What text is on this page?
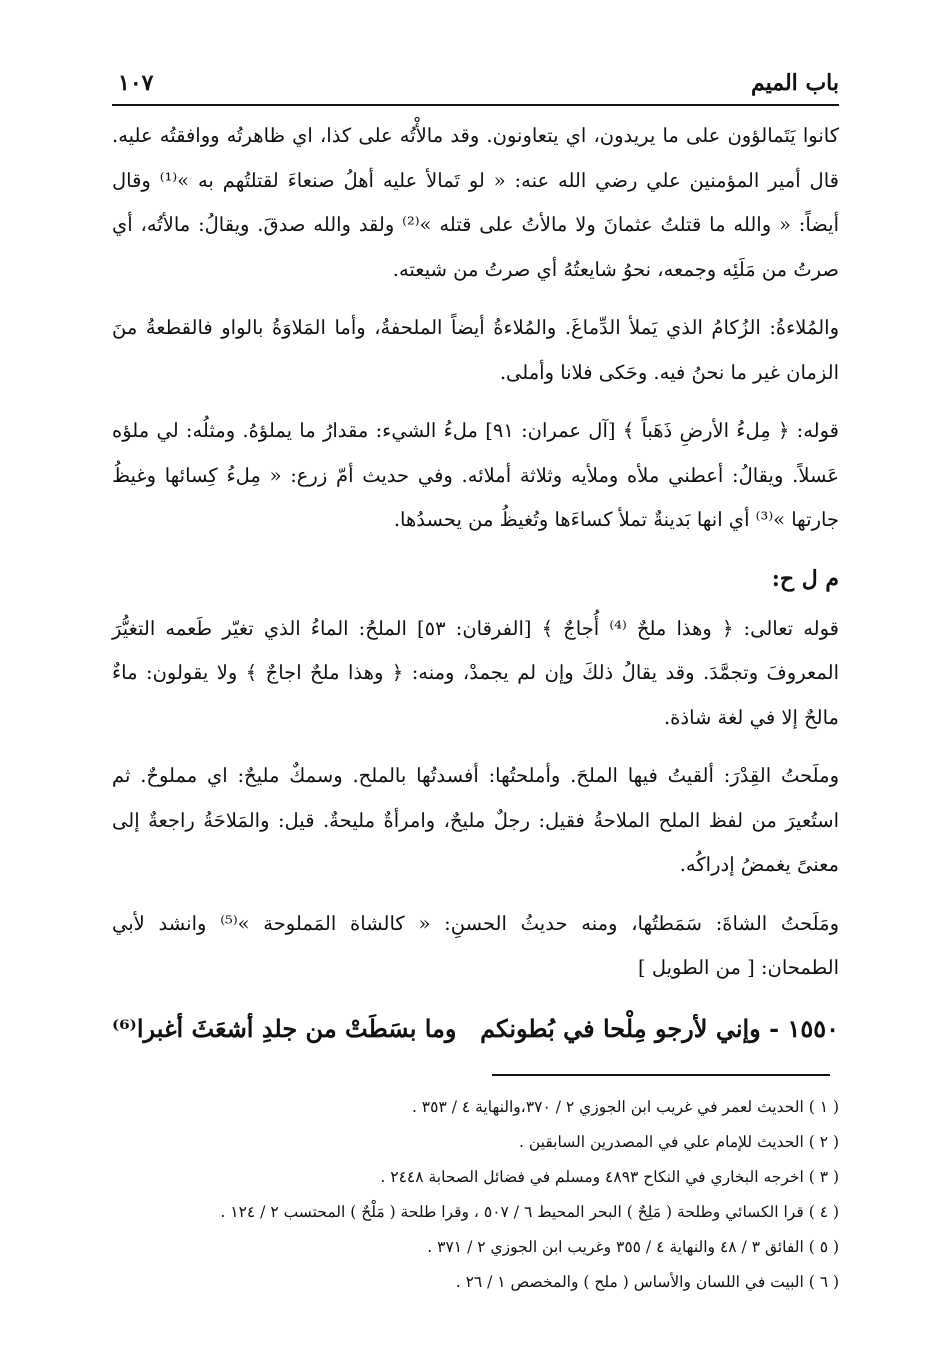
باب الميم
١٠٧

كانوا يَتَمالؤون على ما يريدون، اي يتعاونون. وقد مالأْتُه على كذا، اي ظاهرتُه ووافقتُه عليه. قال أمير المؤمنين علي رضي الله عنه: « لو تَمالأ عليه أهلُ صنعاءَ لقتلتُهم به »⁽¹⁾ وقال أيضاً: « والله ما قتلتُ عثمانَ ولا مالأتُ على قتله »⁽²⁾ ولقد والله صدقَ. ويقالُ: مالأتُه، أي صرتُ من مَلَئِه وجمعه، نحوُ شايعتُهُ أي صرتُ من شيعته.

والمُلاءةُ: الزُكامُ الذي يَملأ الدِّماغَ. والمُلاءةُ أيضاً الملحفةُ، وأما المَلاوَةُ بالواو فالقطعةُ منَ الزمان غير ما نحنُ فيه. وحَكى فلانا وأملى.

قوله: ﴿ مِلءُ الأرضِ ذَهَباً ﴾ [آل عمران: ٩١] ملءُ الشيء: مقدارُ ما يملؤهُ. ومثلُه: لي ملؤه عَسلاً. ويقالُ: أعطني ملأه وملأيه وثلاثة أملائه. وفي حديث أمّ زرع: « مِلءُ كِسائها وغيظُ جارتها »⁽³⁾ أي انها بَدينةٌ تملأ كساءَها وتُغيظُ من يحسدُها.

م ل ح:

قوله تعالى: ﴿ وهذا ملحٌ ⁽⁴⁾ أُجاجٌ ﴾ [الفرقان: ٥٣] الملحُ: الماءُ الذي تغيّر طَعمه التغيُّرَ المعروفَ وتجمَّدَ. وقد يقالُ ذلكَ وإن لم يجمدْ، ومنه: ﴿ وهذا ملحٌ اجاجٌ ﴾ ولا يقولون: ماءٌ مالحٌ إلا في لغة شاذة.

وملَحتُ القِدْرَ: ألقيتُ فيها الملحَ. وأملحتُها: أفسدتُها بالملح. وسمكٌ مليحٌ: اي مملوحٌ. ثم استُعيرَ من لفظ الملح الملاحةُ فقيل: رجلٌ مليحٌ، وامرأةٌ مليحةٌ. قيل: والمَلاحَةُ راجعةٌ إلى معنىً يغمضُ إدراكُه.

ومَلَحتُ الشاةَ: سَمَطتُها، ومنه حديثُ الحسنِ: « كالشاة المَملوحة »⁽⁵⁾ وانشد لأبي الطمحان: [ من الطويل ]

١٥٥٠ - وإني لأرجو مِلْحا في بُطونكم
وما بسَطَتْ من جلدِ أشعَثَ أغبرا⁽⁶⁾
( ١ ) الحديث لعمر في غريب ابن الجوزي ٢ / ٣٧٠،والنهاية ٤ / ٣٥٣ .
( ٢ ) الحديث للإمام علي في المصدرين السابقين .
( ٣ ) اخرجه البخاري في النكاح ٤٨٩٣ ومسلم في فضائل الصحابة ٢٤٤٨ .
( ٤ ) قرا الكسائي وطلحة ( مَلِحٌ ) البحر المحيط ٦ / ٥٠٧ ، وقرا طلحة ( مَلْحٌ ) المحتسب ٢ / ١٢٤ .
( ٥ ) الفائق ٣ / ٤٨ والنهاية ٤ / ٣٥٥ وغريب ابن الجوزي ٢ / ٣٧١ .
( ٦ ) البيت في اللسان والأساس ( ملح ) والمخصص ١ / ٢٦ .
